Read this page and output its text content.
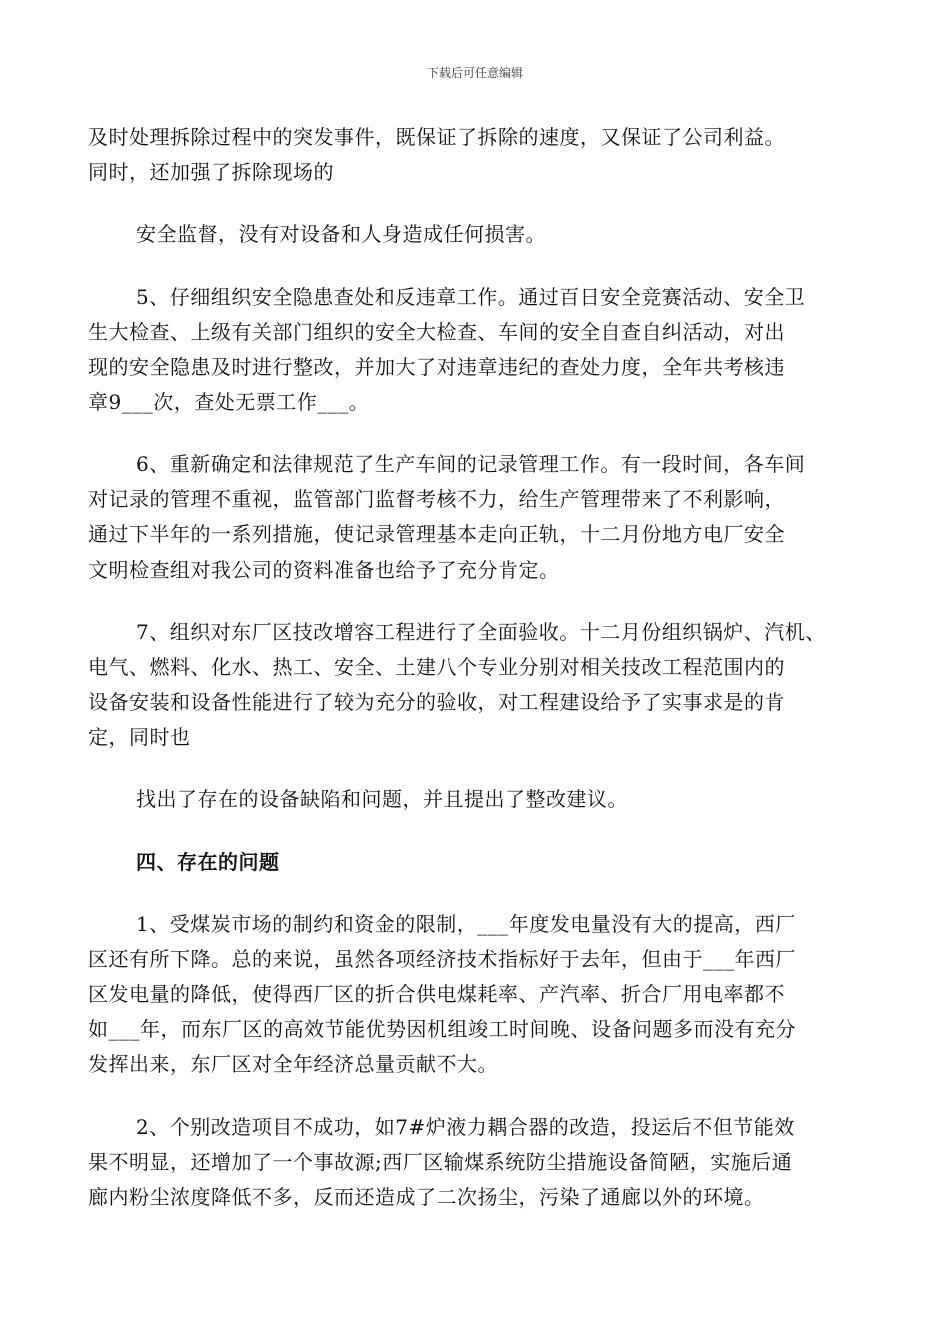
下载后可任意编辑
及时处理拆除过程中的突发事件，既保证了拆除的速度，又保证了公司利益。
同时，还加强了拆除现场的
安全监督，没有对设备和人身造成任何损害。
5、仔细组织安全隐患查处和反违章工作。通过百日安全竞赛活动、安全卫
生大检查、上级有关部门组织的安全大检查、车间的安全自查自纠活动，对出
现的安全隐患及时进行整改，并加大了对违章违纪的查处力度，全年共考核违
章9___次，查处无票工作___。
6、重新确定和法律规范了生产车间的记录管理工作。有一段时间，各车间
对记录的管理不重视，监管部门监督考核不力，给生产管理带来了不利影响，
通过下半年的一系列措施，使记录管理基本走向正轨，十二月份地方电厂安全
文明检查组对我公司的资料准备也给予了充分肯定。
7、组织对东厂区技改增容工程进行了全面验收。十二月份组织锅炉、汽机、
电气、燃料、化水、热工、安全、土建八个专业分别对相关技改工程范围内的
设备安装和设备性能进行了较为充分的验收，对工程建设给予了实事求是的肯
定，同时也
找出了存在的设备缺陷和问题，并且提出了整改建议。
四、存在的问题
1、受煤炭市场的制约和资金的限制，___年度发电量没有大的提高，西厂
区还有所下降。总的来说，虽然各项经济技术指标好于去年，但由于___年西厂
区发电量的降低，使得西厂区的折合供电煤耗率、产汽率、折合厂用电率都不
如___年，而东厂区的高效节能优势因机组竣工时间晚、设备问题多而没有充分
发挥出来，东厂区对全年经济总量贡献不大。
2、个别改造项目不成功，如7#炉液力耦合器的改造，投运后不但节能效
果不明显，还增加了一个事故源;西厂区输煤系统防尘措施设备简陋，实施后通
廊内粉尘浓度降低不多，反而还造成了二次扬尘，污染了通廊以外的环境。
